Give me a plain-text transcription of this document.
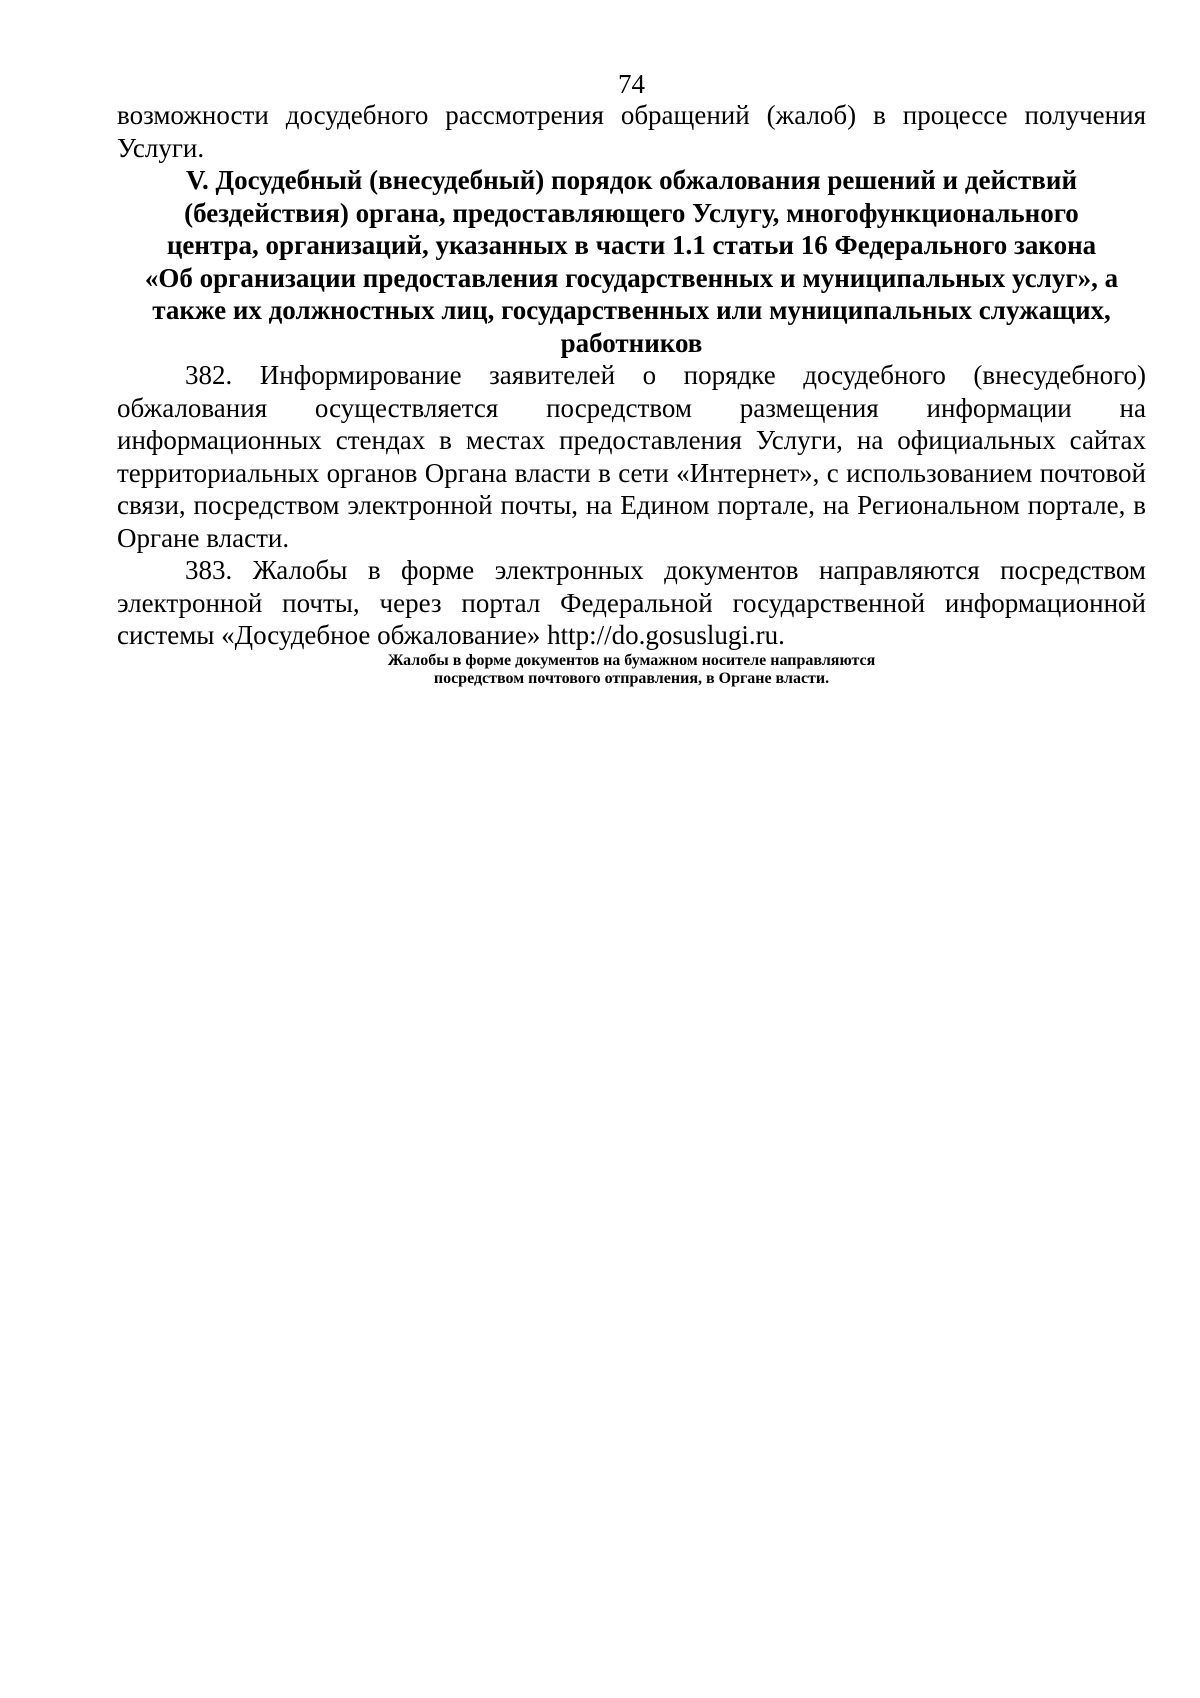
74

возможности досудебного рассмотрения обращений (жалоб) в процессе получения Услуги.

V. Досудебный (внесудебный) порядок обжалования решений и действий
(бездействия) органа, предоставляющего Услугу, многофункционального
центра, организаций, указанных в части 1.1 статьи 16 Федерального закона
«Об организации предоставления государственных и муниципальных услуг», а
также их должностных лиц, государственных или муниципальных служащих,
работников

382. Информирование заявителей о порядке досудебного (внесудебного) обжалования осуществляется посредством размещения информации на информационных стендах в местах предоставления Услуги, на официальных сайтах территориальных органов Органа власти в сети «Интернет», с использованием почтовой связи, посредством электронной почты, на Едином портале, на Региональном портале, в Органе власти.

383. Жалобы в форме электронных документов направляются посредством электронной почты, через портал Федеральной государственной информационной системы «Досудебное обжалование» http://do.gosuslugi.ru.

Жалобы в форме документов на бумажном носителе направляются
посредством почтового отправления, в Органе власти.
